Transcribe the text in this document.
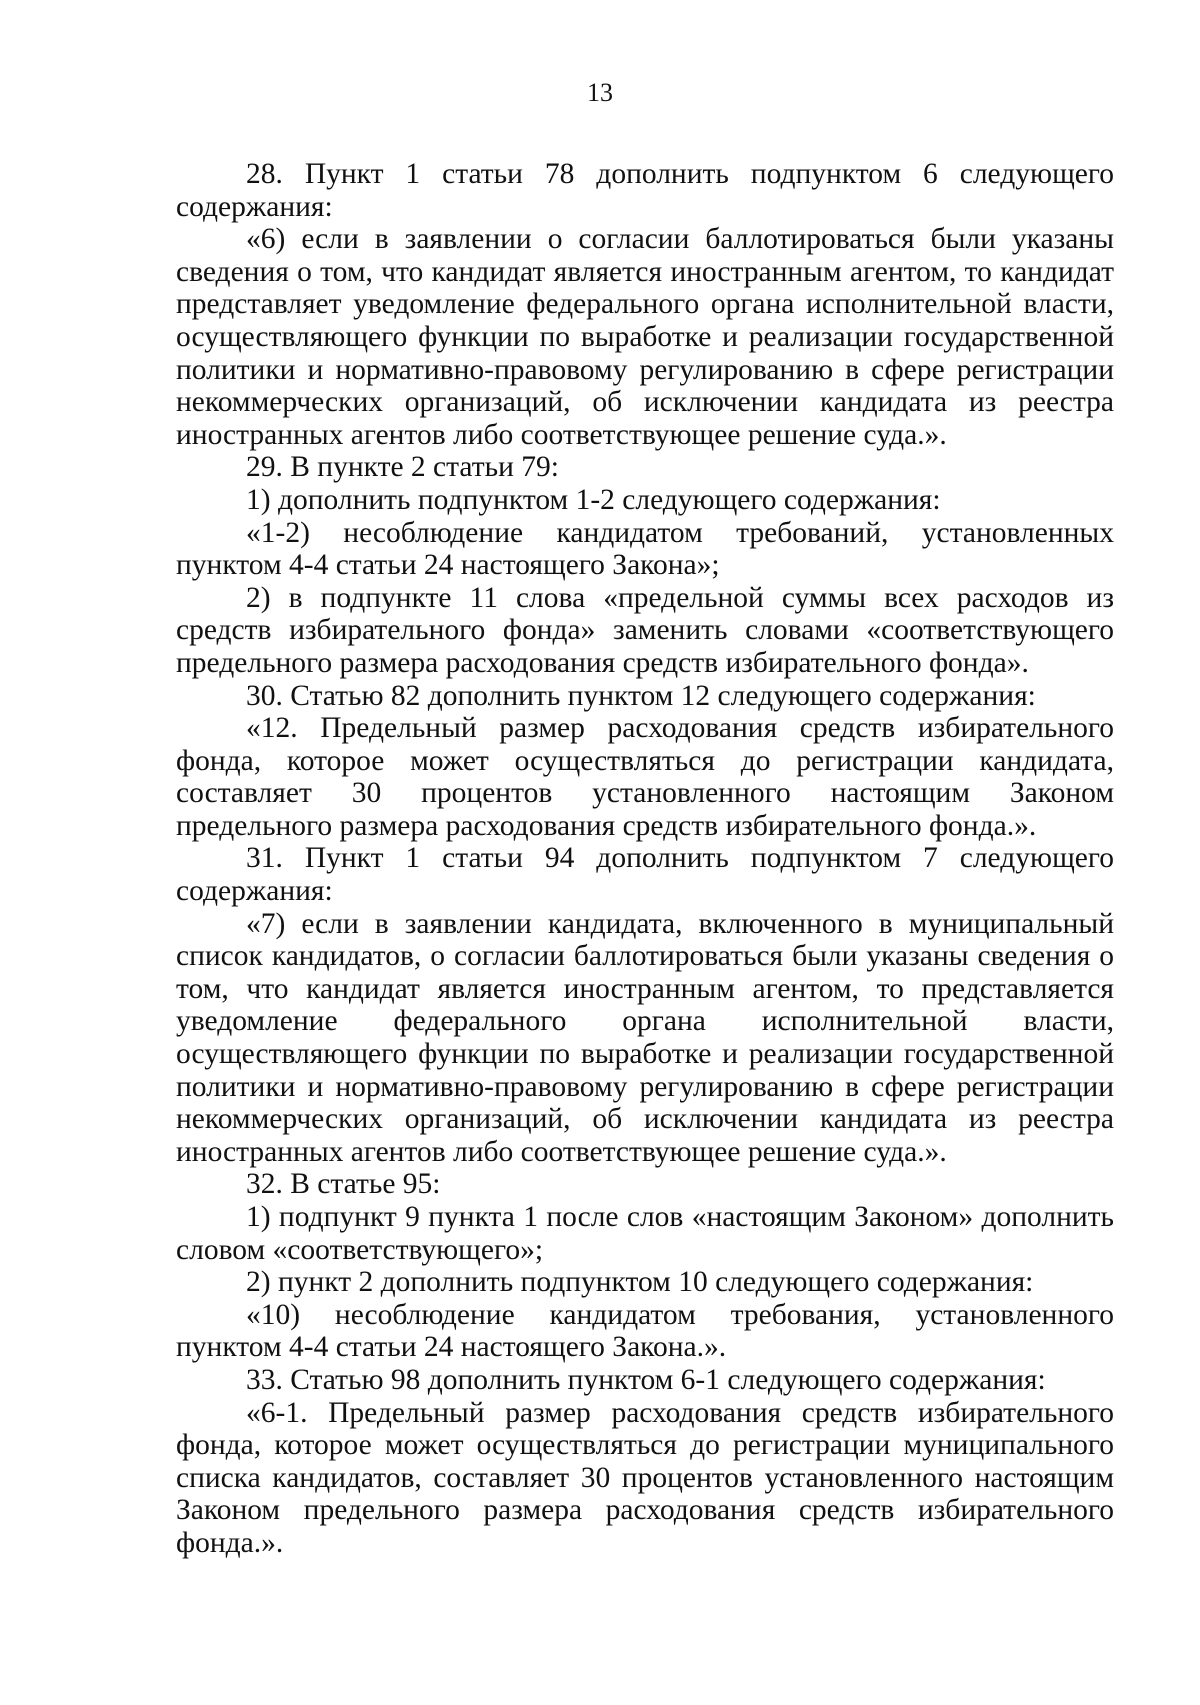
13

28. Пункт 1 статьи 78 дополнить подпунктом 6 следующего содержания:

«6) если в заявлении о согласии баллотироваться были указаны сведения о том, что кандидат является иностранным агентом, то кандидат представляет уведомление федерального органа исполнительной власти, осуществляющего функции по выработке и реализации государственной политики и нормативно-правовому регулированию в сфере регистрации некоммерческих организаций, об исключении кандидата из реестра иностранных агентов либо соответствующее решение суда.».

29. В пункте 2 статьи 79:

1) дополнить подпунктом 1-2 следующего содержания:

«1-2) несоблюдение кандидатом требований, установленных пунктом 4-4 статьи 24 настоящего Закона»;

2) в подпункте 11 слова «предельной суммы всех расходов из средств избирательного фонда» заменить словами «соответствующего предельного размера расходования средств избирательного фонда».

30. Статью 82 дополнить пунктом 12 следующего содержания:

«12. Предельный размер расходования средств избирательного фонда, которое может осуществляться до регистрации кандидата, составляет 30 процентов установленного настоящим Законом предельного размера расходования средств избирательного фонда.».

31. Пункт 1 статьи 94 дополнить подпунктом 7 следующего содержания:

«7) если в заявлении кандидата, включенного в муниципальный список кандидатов, о согласии баллотироваться были указаны сведения о том, что кандидат является иностранным агентом, то представляется уведомление федерального органа исполнительной власти, осуществляющего функции по выработке и реализации государственной политики и нормативно-правовому регулированию в сфере регистрации некоммерческих организаций, об исключении кандидата из реестра иностранных агентов либо соответствующее решение суда.».

32. В статье 95:

1) подпункт 9 пункта 1 после слов «настоящим Законом» дополнить словом «соответствующего»;

2) пункт 2 дополнить подпунктом 10 следующего содержания:

«10) несоблюдение кандидатом требования, установленного пунктом 4-4 статьи 24 настоящего Закона.».

33. Статью 98 дополнить пунктом 6-1 следующего содержания:

«6-1. Предельный размер расходования средств избирательного фонда, которое может осуществляться до регистрации муниципального списка кандидатов, составляет 30 процентов установленного настоящим Законом предельного размера расходования средств избирательного фонда.».
